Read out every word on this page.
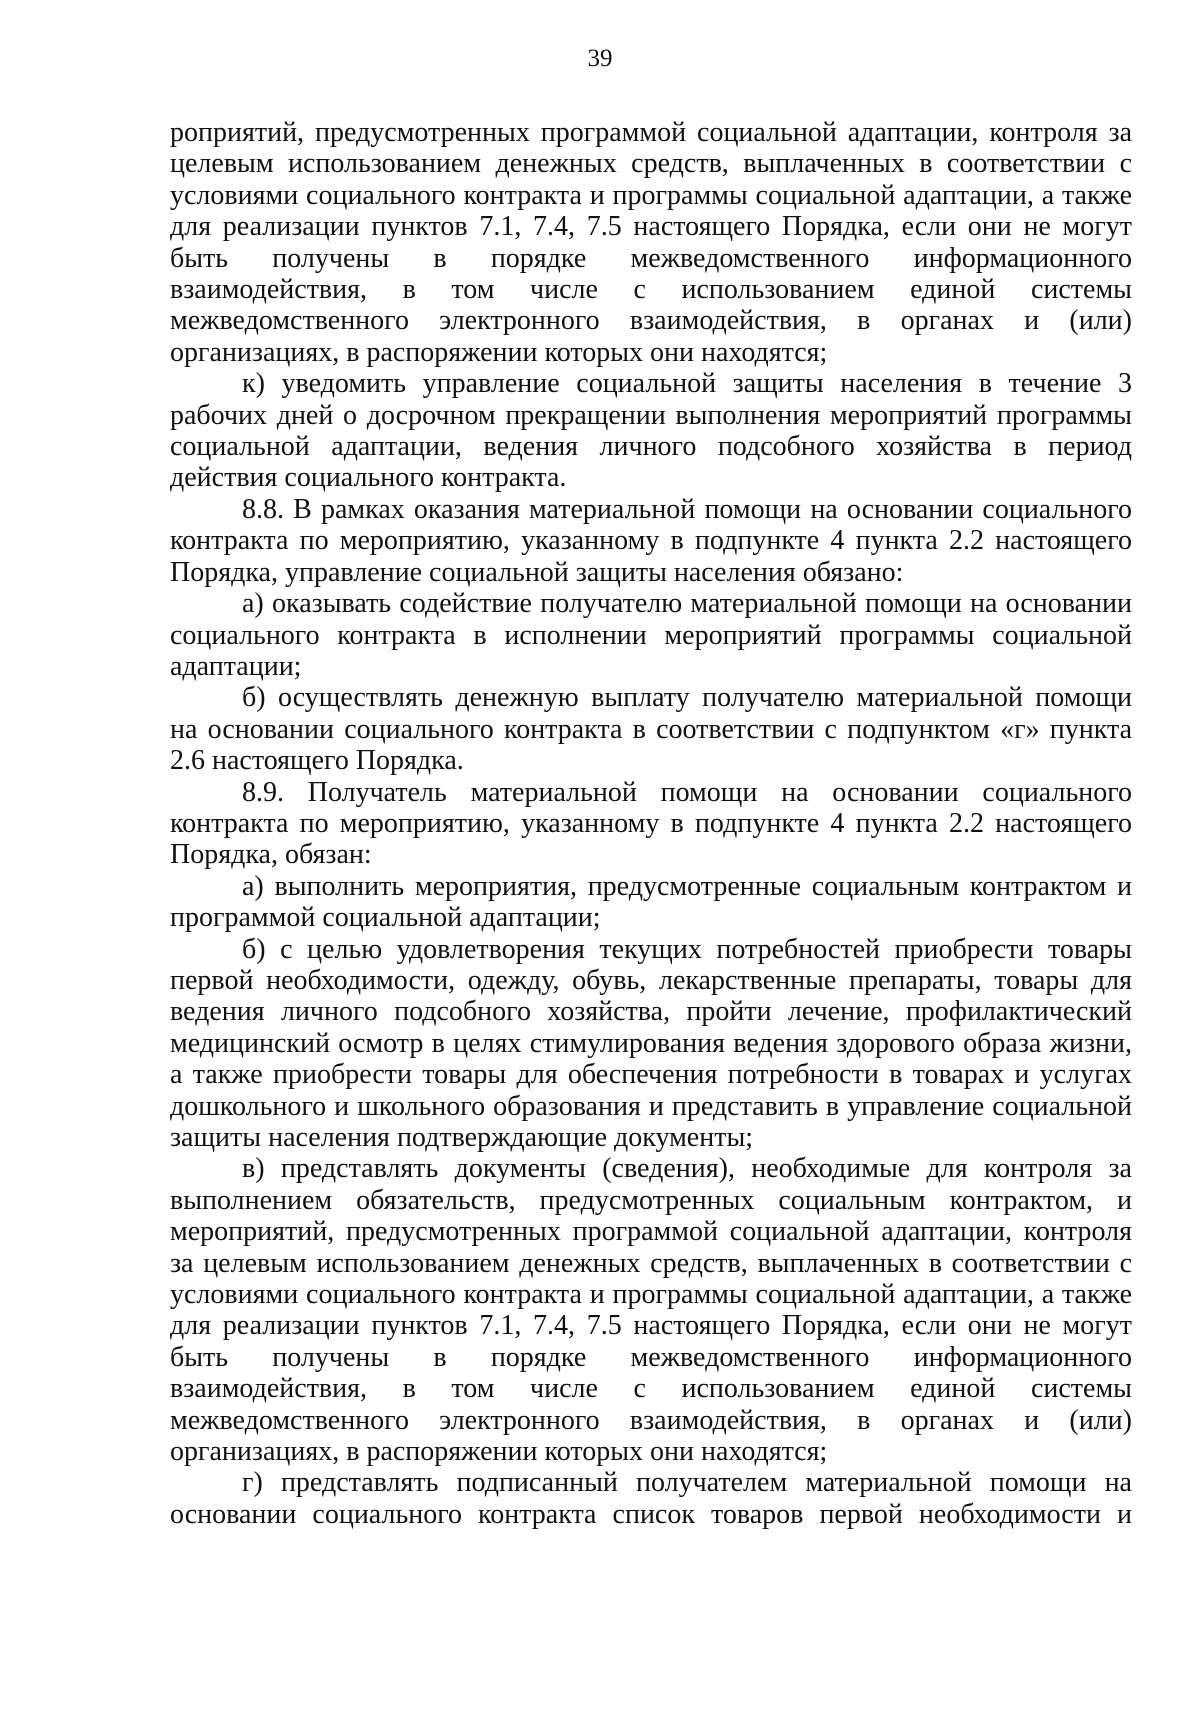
39

роприятий, предусмотренных программой социальной адаптации, контроля за целевым использованием денежных средств, выплаченных в соответствии с условиями социального контракта и программы социальной адаптации, а также для реализации пунктов 7.1, 7.4, 7.5 настоящего Порядка, если они не могут быть получены в порядке межведомственного информационного взаимодействия, в том числе с использованием единой системы межведомственного электронного взаимодействия, в органах и (или) организациях, в распоряжении которых они находятся;

к) уведомить управление социальной защиты населения в течение 3 рабочих дней о досрочном прекращении выполнения мероприятий программы социальной адаптации, ведения личного подсобного хозяйства в период действия социального контракта.

8.8. В рамках оказания материальной помощи на основании социального контракта по мероприятию, указанному в подпункте 4 пункта 2.2 настоящего Порядка, управление социальной защиты населения обязано:

а) оказывать содействие получателю материальной помощи на основании социального контракта в исполнении мероприятий программы социальной адаптации;

б) осуществлять денежную выплату получателю материальной помощи на основании социального контракта в соответствии с подпунктом «г» пункта 2.6 настоящего Порядка.

8.9. Получатель материальной помощи на основании социального контракта по мероприятию, указанному в подпункте 4 пункта 2.2 настоящего Порядка, обязан:

а) выполнить мероприятия, предусмотренные социальным контрактом и программой социальной адаптации;

б) с целью удовлетворения текущих потребностей приобрести товары первой необходимости, одежду, обувь, лекарственные препараты, товары для ведения личного подсобного хозяйства, пройти лечение, профилактический медицинский осмотр в целях стимулирования ведения здорового образа жизни, а также приобрести товары для обеспечения потребности в товарах и услугах дошкольного и школьного образования и представить в управление социальной защиты населения подтверждающие документы;

в) представлять документы (сведения), необходимые для контроля за выполнением обязательств, предусмотренных социальным контрактом, и мероприятий, предусмотренных программой социальной адаптации, контроля за целевым использованием денежных средств, выплаченных в соответствии с условиями социального контракта и программы социальной адаптации, а также для реализации пунктов 7.1, 7.4, 7.5 настоящего Порядка, если они не могут быть получены в порядке межведомственного информационного взаимодействия, в том числе с использованием единой системы межведомственного электронного взаимодействия, в органах и (или) организациях, в распоряжении которых они находятся;

г) представлять подписанный получателем материальной помощи на основании социального контракта список товаров первой необходимости и
